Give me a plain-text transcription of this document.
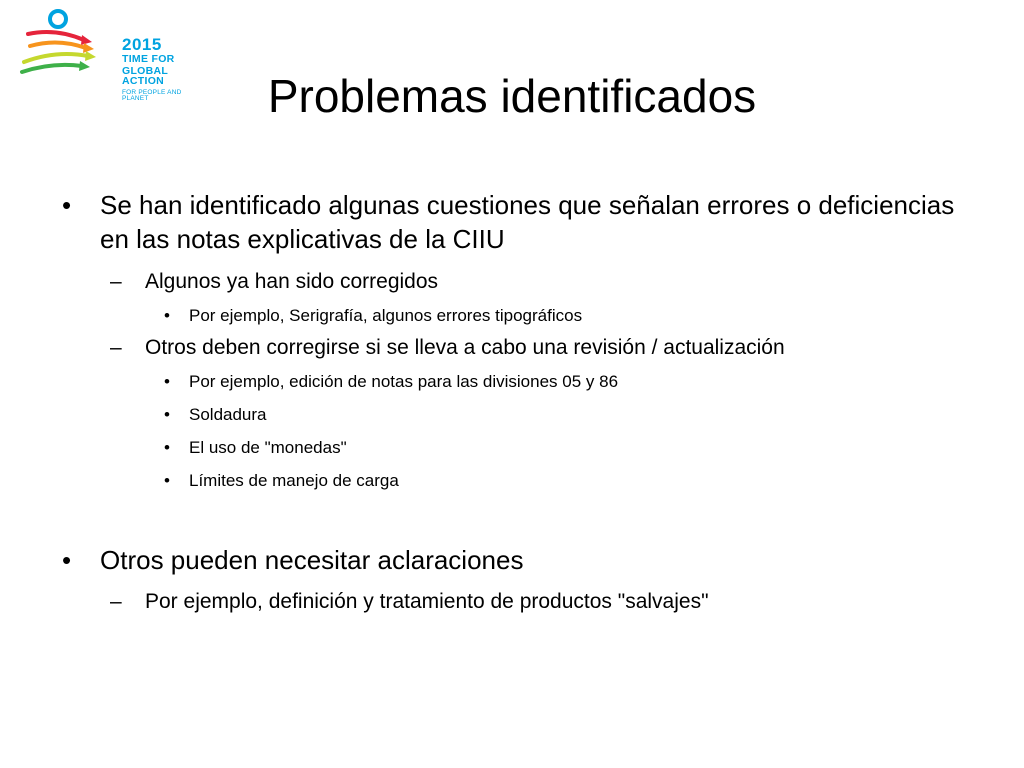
2015
TIME FOR
GLOBAL ACTION
FOR PEOPLE AND PLANET	Problemas identificados
• Se han identificado algunas cuestiones que señalan errores o deficiencias en las notas explicativas de la CIIU
– Algunos ya han sido corregidos
• Por ejemplo, Serigrafía, algunos errores tipográficos
– Otros deben corregirse si se lleva a cabo una revisión / actualización
• Por ejemplo, edición de notas para las divisiones 05 y 86
• Soldadura
• El uso de "monedas"
• Límites de manejo de carga
• Otros pueden necesitar aclaraciones
– Por ejemplo, definición y tratamiento de productos "salvajes"
